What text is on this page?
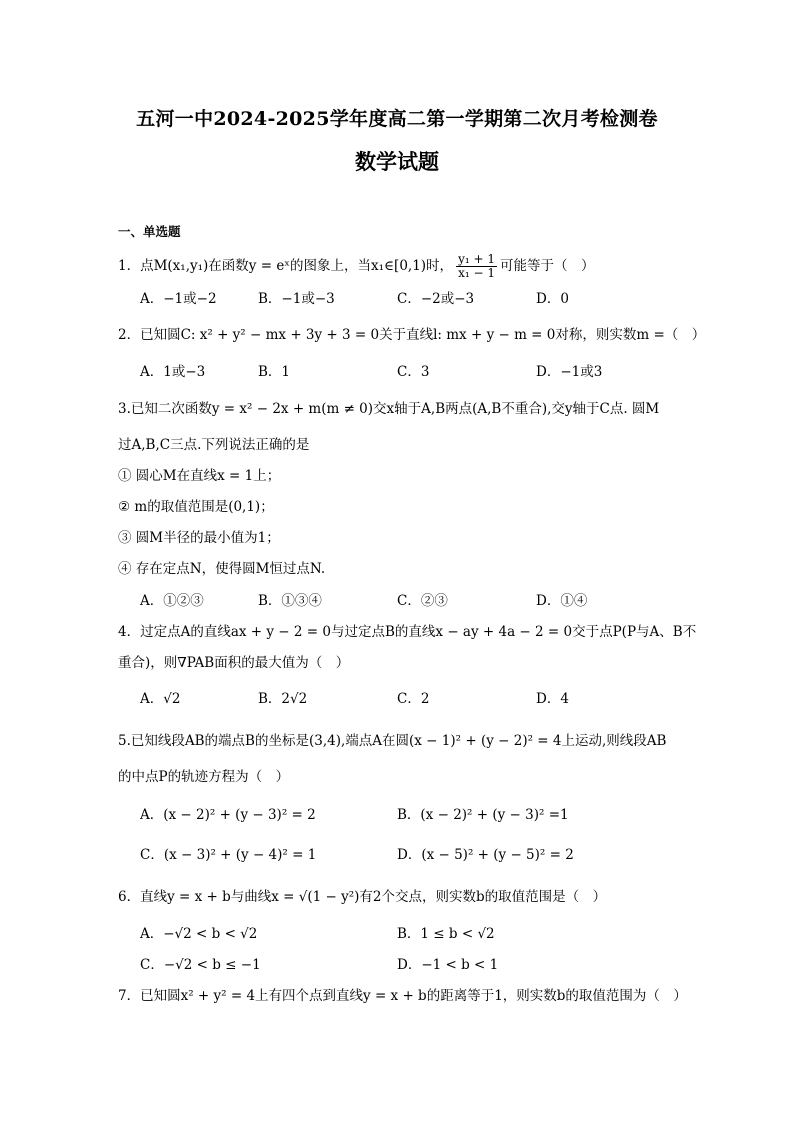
五河一中2024-2025学年度高二第一学期第二次月考检测卷
数学试题
一、单选题
1．点M(x₁,y₁)在函数y = eˣ的图象上，当x₁∈[0,1)时， $\frac{\text{y₁ + 1}}{\text{x₁ − 1}}$ 可能等于（　）
A．−1或−2	B．−1或−3	C．−2或−3	D．0
2．已知圆C: x² + y² − mx + 3y + 3 = 0关于直线l: mx + y − m = 0对称，则实数m =（　）
A．1或−3	B．1	C．3	D．−1或3
3.已知二次函数y = x² − 2x + m(m ≠ 0)交x轴于A,B两点(A,B不重合),交y轴于C点. 圆M
过A,B,C三点.下列说法正确的是
① 圆心M在直线x = 1上；
② m的取值范围是(0,1)；
③ 圆M半径的最小值为1；
④ 存在定点N，使得圆M恒过点N.
A．①②③	B．①③④	C．②③	D．①④
4．过定点A的直线ax + y − 2 = 0与过定点B的直线x − ay + 4a − 2 = 0交于点P(P与A、B不
重合)，则∇PAB面积的最大值为（　）
A．√2	B．2√2	C．2	D．4
5.已知线段AB的端点B的坐标是(3,4),端点A在圆(x − 1)² + (y − 2)² = 4上运动,则线段AB
的中点P的轨迹方程为（　）
A．(x − 2)² + (y − 3)² = 2	B．(x − 2)² + (y − 3)² =1
C．(x − 3)² + (y − 4)² = 1	D．(x − 5)² + (y − 5)² = 2
6．直线y = x + b与曲线x = √(1 − y²)有2个交点，则实数b的取值范围是（　）
A．−√2 < b < √2	B．1 ≤ b < √2
C．−√2 < b ≤ −1	D．−1 < b < 1
7．已知圆x² + y² = 4上有四个点到直线y = x + b的距离等于1，则实数b的取值范围为（　）
